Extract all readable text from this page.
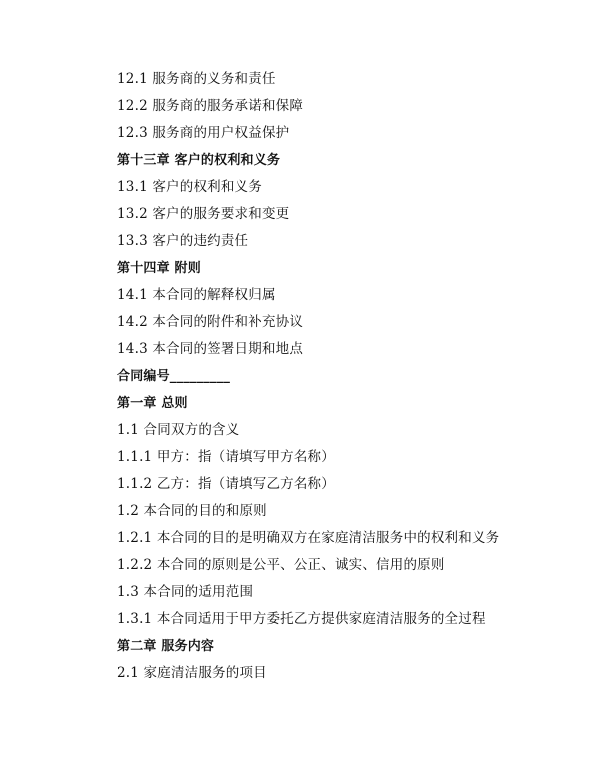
12.1 服务商的义务和责任
12.2 服务商的服务承诺和保障
12.3 服务商的用户权益保护
第十三章 客户的权利和义务
13.1 客户的权利和义务
13.2 客户的服务要求和变更
13.3 客户的违约责任
第十四章 附则
14.1 本合同的解释权归属
14.2 本合同的附件和补充协议
14.3 本合同的签署日期和地点
合同编号_________
第一章 总则
1.1 合同双方的含义
1.1.1 甲方：指（请填写甲方名称）
1.1.2 乙方：指（请填写乙方名称）
1.2 本合同的目的和原则
1.2.1 本合同的目的是明确双方在家庭清洁服务中的权利和义务
1.2.2 本合同的原则是公平、公正、诚实、信用的原则
1.3 本合同的适用范围
1.3.1 本合同适用于甲方委托乙方提供家庭清洁服务的全过程
第二章 服务内容
2.1 家庭清洁服务的项目
